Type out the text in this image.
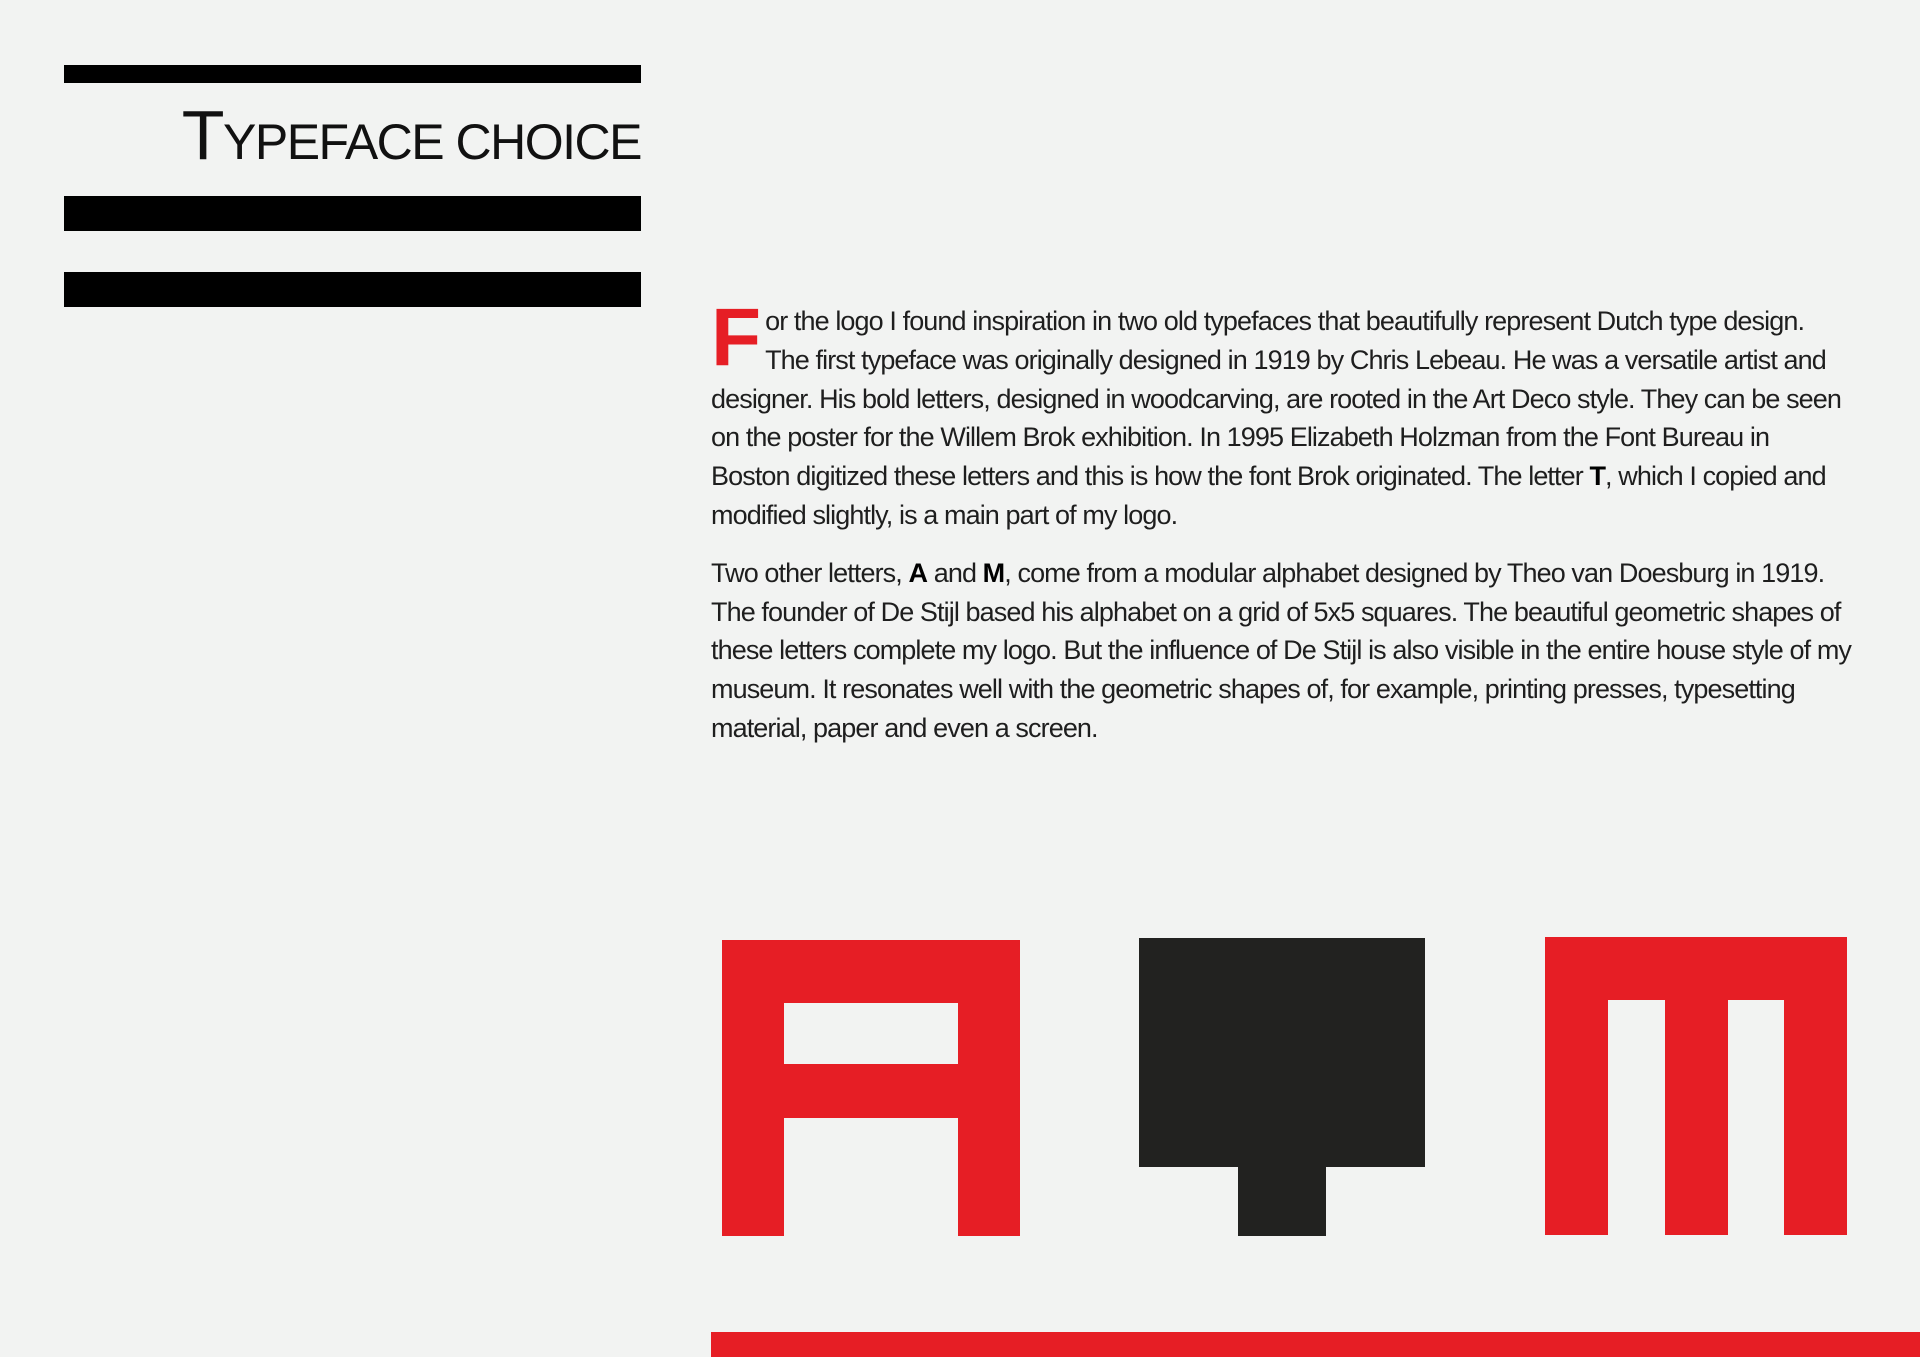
TYPEFACE CHOICE

For the logo I found inspiration in two old typefaces that beautifully represent Dutch type design. The first typeface was originally designed in 1919 by Chris Lebeau. He was a versatile artist and designer. His bold letters, designed in woodcarving, are rooted in the Art Deco style. They can be seen on the poster for the Willem Brok exhibition. In 1995 Elizabeth Holzman from the Font Bureau in Boston digitized these letters and this is how the font Brok originated. The letter T, which I copied and modified slightly, is a main part of my logo.

Two other letters, A and M, come from a modular alphabet designed by Theo van Doesburg in 1919. The founder of De Stijl based his alphabet on a grid of 5x5 squares. The beautiful geometric shapes of these letters complete my logo. But the influence of De Stijl is also visible in the entire house style of my museum. It resonates well with the geometric shapes of, for example, printing presses, typesetting material, paper and even a screen.
